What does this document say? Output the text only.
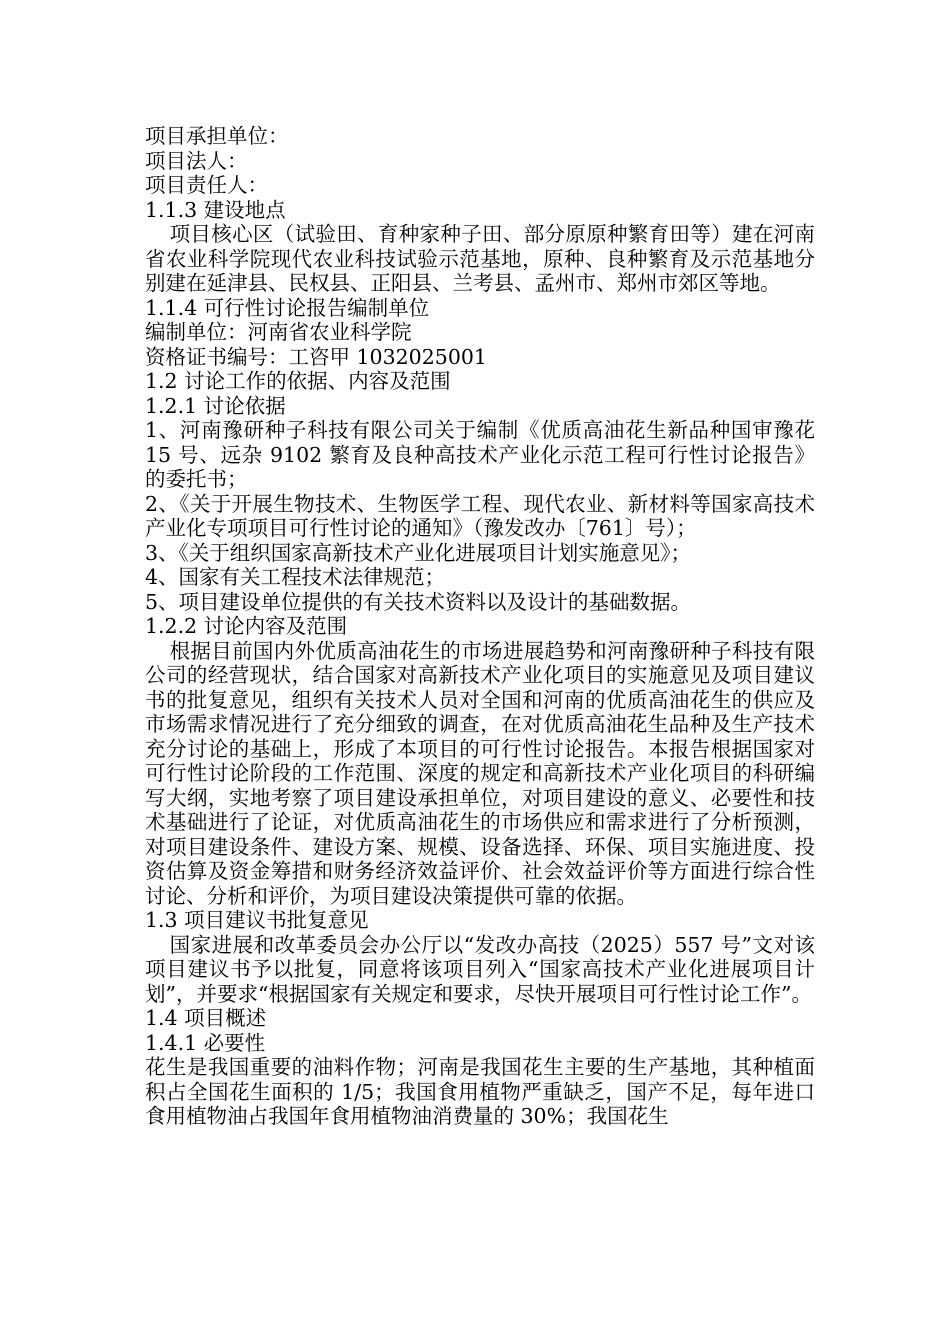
项目承担单位：

项目法人：

项目责任人：

1.1.3 建设地点

项目核心区（试验田、育种家种子田、部分原原种繁育田等）建在河南省农业科学院现代农业科技试验示范基地，原种、良种繁育及示范基地分别建在延津县、民权县、正阳县、兰考县、孟州市、郑州市郊区等地。

1.1.4 可行性讨论报告编制单位

编制单位：河南省农业科学院

资格证书编号：工咨甲 1032025001

1.2 讨论工作的依据、内容及范围

1.2.1 讨论依据

1、河南豫研种子科技有限公司关于编制《优质高油花生新品种国审豫花 15 号、远杂 9102 繁育及良种高技术产业化示范工程可行性讨论报告》的委托书；

2、《关于开展生物技术、生物医学工程、现代农业、新材料等国家高技术产业化专项项目可行性讨论的通知》（豫发改办〔761〕号）；

3、《关于组织国家高新技术产业化进展项目计划实施意见》；

4、国家有关工程技术法律规范；

5、项目建设单位提供的有关技术资料以及设计的基础数据。

1.2.2 讨论内容及范围

根据目前国内外优质高油花生的市场进展趋势和河南豫研种子科技有限公司的经营现状，结合国家对高新技术产业化项目的实施意见及项目建议书的批复意见，组织有关技术人员对全国和河南的优质高油花生的供应及市场需求情况进行了充分细致的调查，在对优质高油花生品种及生产技术充分讨论的基础上，形成了本项目的可行性讨论报告。本报告根据国家对可行性讨论阶段的工作范围、深度的规定和高新技术产业化项目的科研编写大纲，实地考察了项目建设承担单位，对项目建设的意义、必要性和技术基础进行了论证，对优质高油花生的市场供应和需求进行了分析预测，对项目建设条件、建设方案、规模、设备选择、环保、项目实施进度、投资估算及资金筹措和财务经济效益评价、社会效益评价等方面进行综合性讨论、分析和评价，为项目建设决策提供可靠的依据。

1.3 项目建议书批复意见

国家进展和改革委员会办公厅以“发改办高技（2025）557 号”文对该项目建议书予以批复，同意将该项目列入“国家高技术产业化进展项目计划”，并要求“根据国家有关规定和要求，尽快开展项目可行性讨论工作”。

1.4 项目概述

1.4.1 必要性

花生是我国重要的油料作物；河南是我国花生主要的生产基地，其种植面积占全国花生面积的 1/5；我国食用植物严重缺乏，国产不足，每年进口食用植物油占我国年食用植物油消费量的 30%；我国花生
